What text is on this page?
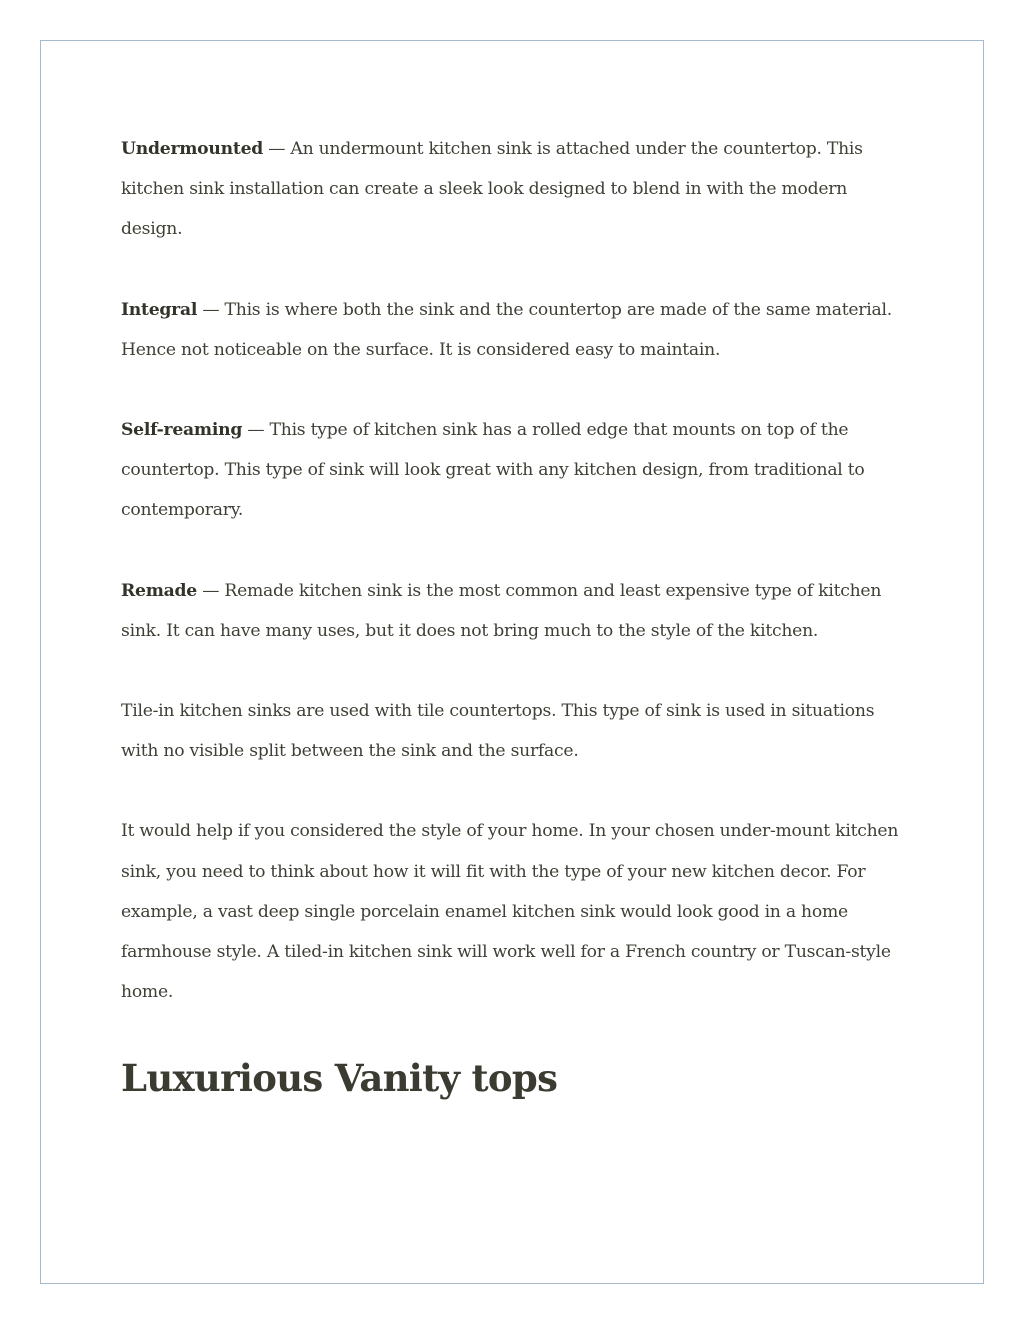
Undermounted — An undermount kitchen sink is attached under the countertop. This kitchen sink installation can create a sleek look designed to blend in with the modern design.

Integral — This is where both the sink and the countertop are made of the same material. Hence not noticeable on the surface. It is considered easy to maintain.

Self-reaming — This type of kitchen sink has a rolled edge that mounts on top of the countertop. This type of sink will look great with any kitchen design, from traditional to contemporary.

Remade — Remade kitchen sink is the most common and least expensive type of kitchen sink. It can have many uses, but it does not bring much to the style of the kitchen.

Tile-in kitchen sinks are used with tile countertops. This type of sink is used in situations with no visible split between the sink and the surface.

It would help if you considered the style of your home. In your chosen under-mount kitchen sink, you need to think about how it will fit with the type of your new kitchen decor. For example, a vast deep single porcelain enamel kitchen sink would look good in a home farmhouse style. A tiled-in kitchen sink will work well for a French country or Tuscan-style home.

Luxurious Vanity tops
